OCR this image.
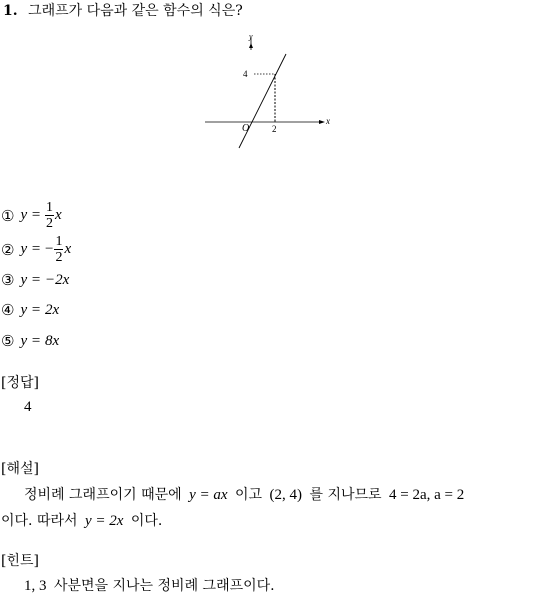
1. 그래프가 다음과 같은 함수의 식은?
y
x
4
2
O
① $y = \frac{1}{2}$ x
② y = − $\frac{1}{2}$ x
③ y = −2x
④ y = 2x
⑤ y = 8x
[정답]
4
[해설]
정비례 그래프이기 때문에 y = ax 이고 (2, 4) 를 지나므로 4 = 2a, a = 2
이다. 따라서 y = 2x 이다.
[힌트]
1, 3 사분면을 지나는 정비례 그래프이다.
